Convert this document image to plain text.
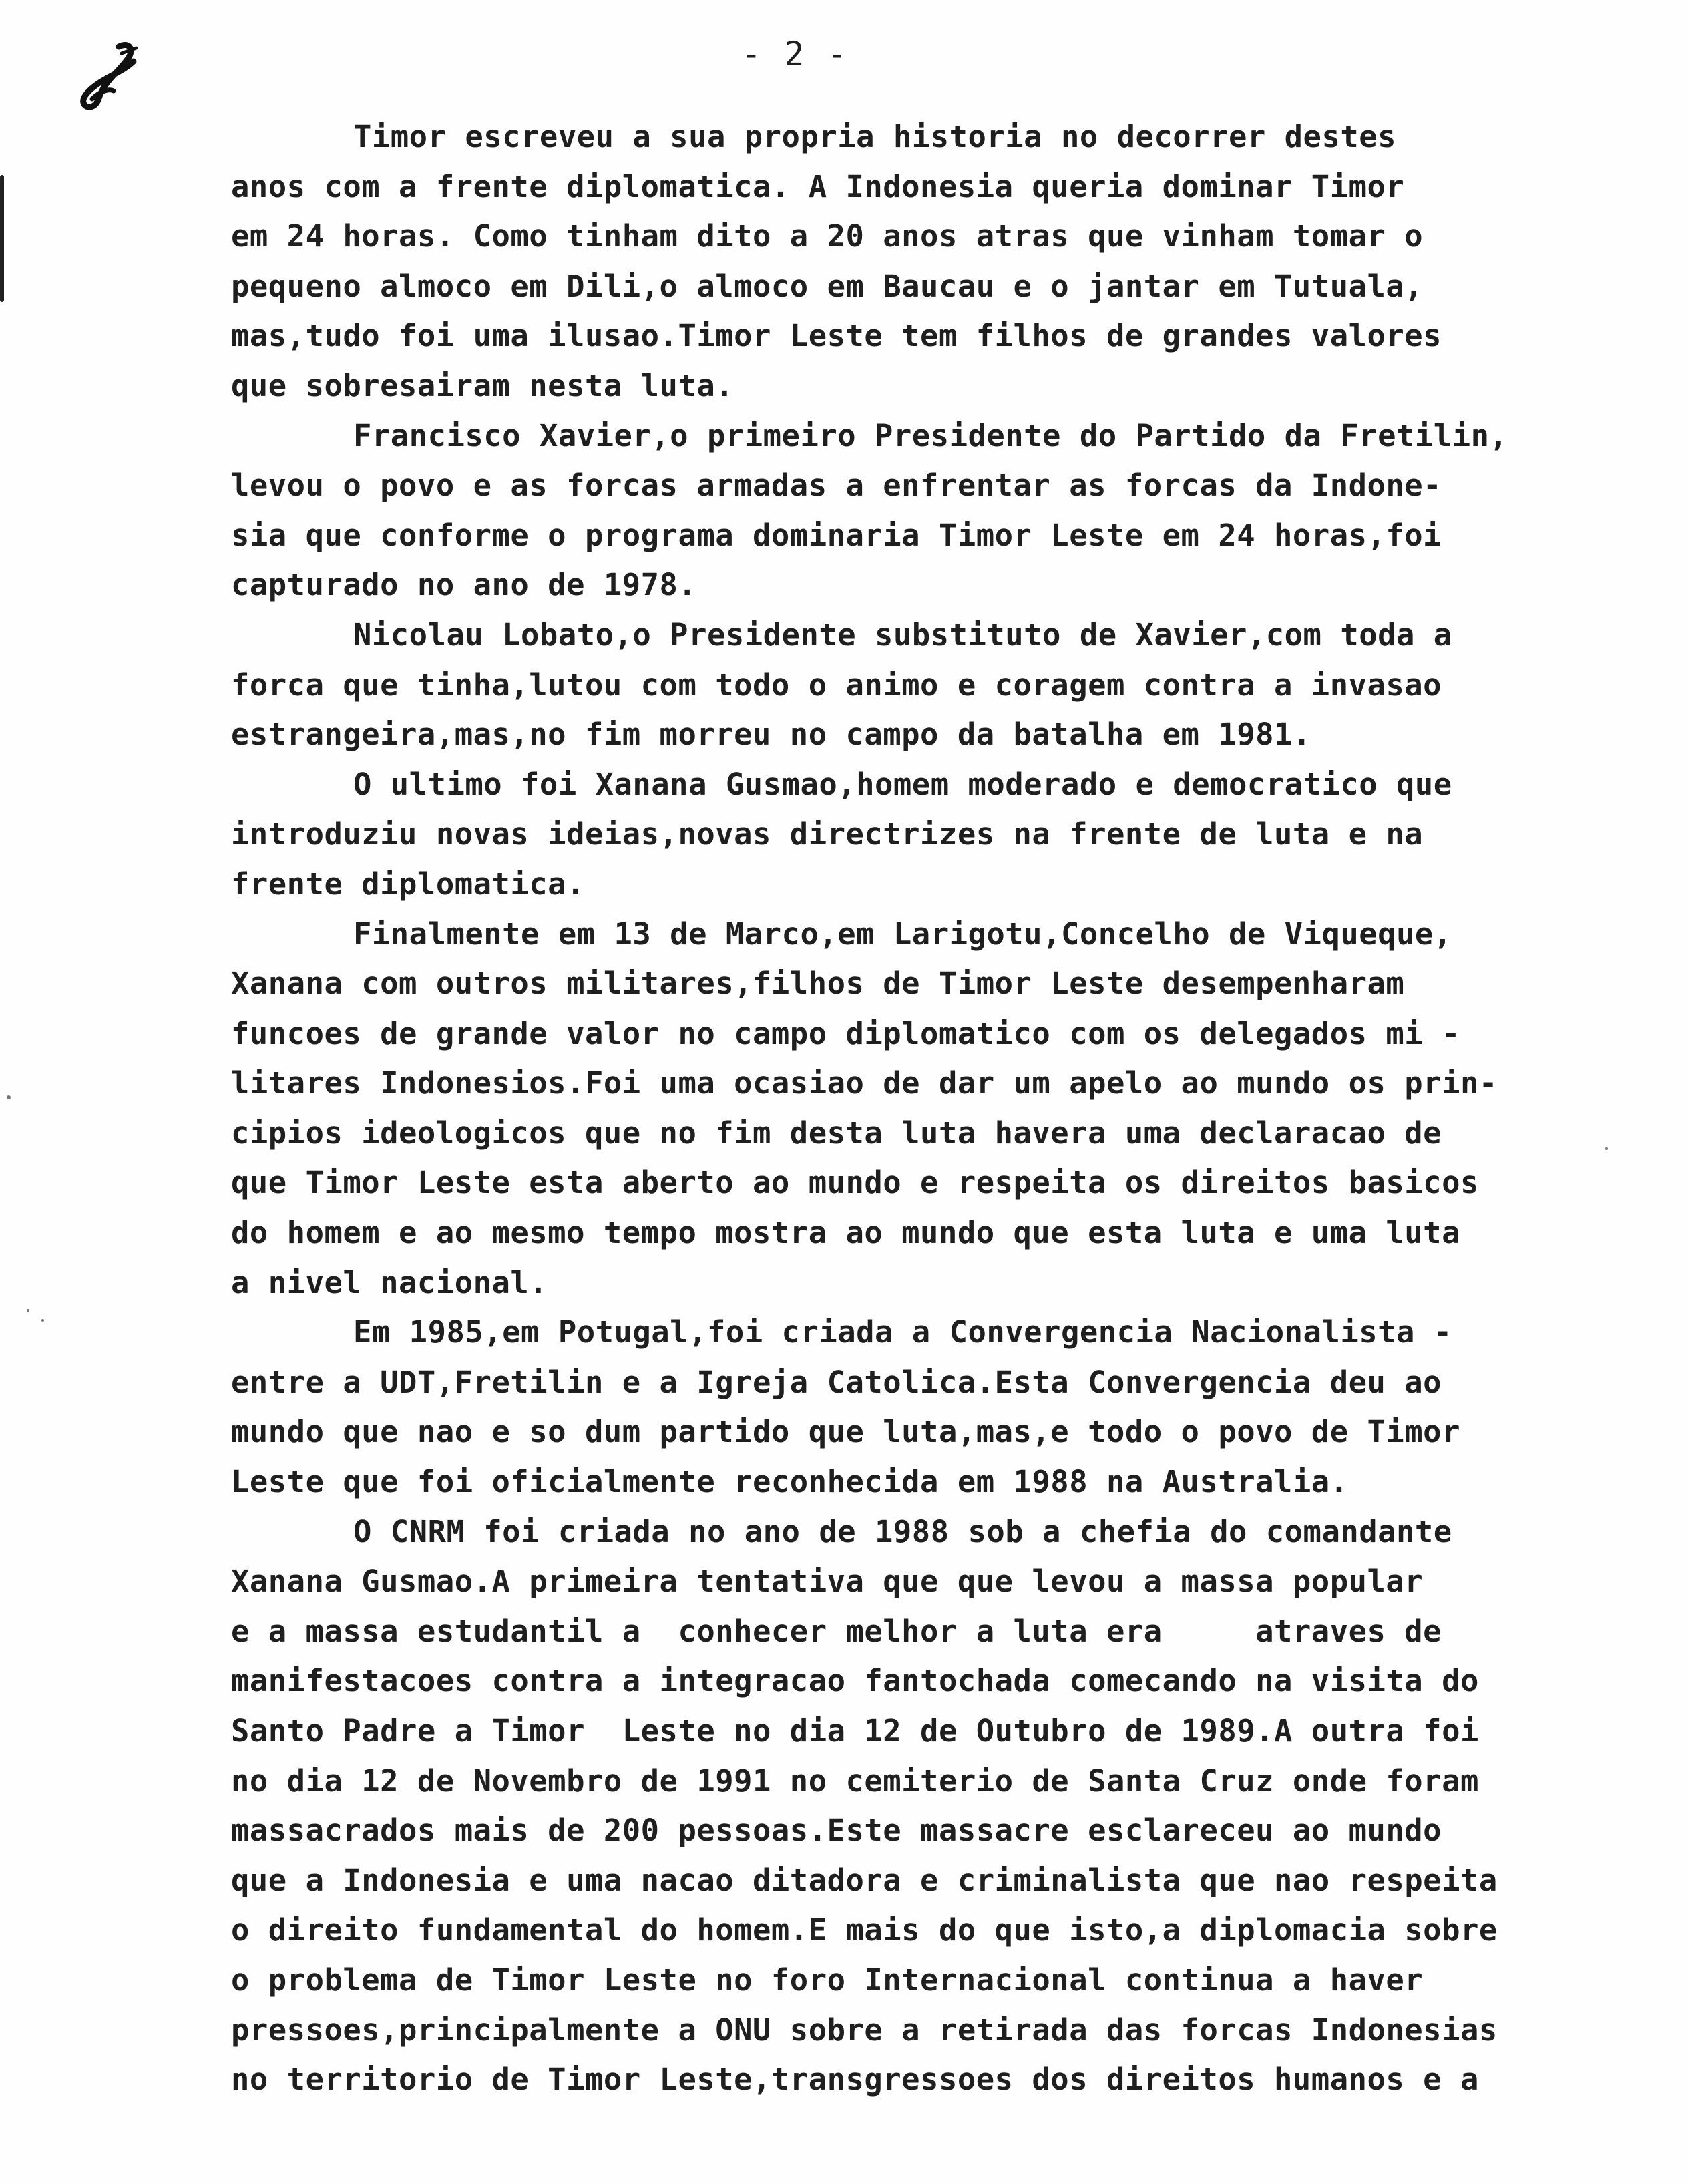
- 2 -
Timor escreveu a sua propria historia no decorrer destes
anos com a frente diplomatica. A Indonesia queria dominar Timor
em 24 horas. Como tinham dito a 20 anos atras que vinham tomar o
pequeno almoco em Dili,o almoco em Baucau e o jantar em Tutuala,
mas,tudo foi uma ilusao.Timor Leste tem filhos de grandes valores
que sobresairam nesta luta.
Francisco Xavier,o primeiro Presidente do Partido da Fretilin,
levou o povo e as forcas armadas a enfrentar as forcas da Indone-
sia que conforme o programa dominaria Timor Leste em 24 horas,foi
capturado no ano de 1978.
Nicolau Lobato,o Presidente substituto de Xavier,com toda a
forca que tinha,lutou com todo o animo e coragem contra a invasao
estrangeira,mas,no fim morreu no campo da batalha em 1981.
O ultimo foi Xanana Gusmao,homem moderado e democratico que
introduziu novas ideias,novas directrizes na frente de luta e na
frente diplomatica.
Finalmente em 13 de Marco,em Larigotu,Concelho de Viqueque,
Xanana com outros militares,filhos de Timor Leste desempenharam
funcoes de grande valor no campo diplomatico com os delegados mi -
litares Indonesios.Foi uma ocasiao de dar um apelo ao mundo os prin-
cipios ideologicos que no fim desta luta havera uma declaracao de
que Timor Leste esta aberto ao mundo e respeita os direitos basicos
do homem e ao mesmo tempo mostra ao mundo que esta luta e uma luta
a nivel nacional.
Em 1985,em Potugal,foi criada a Convergencia Nacionalista -
entre a UDT,Fretilin e a Igreja Catolica.Esta Convergencia deu ao
mundo que nao e so dum partido que luta,mas,e todo o povo de Timor
Leste que foi oficialmente reconhecida em 1988 na Australia.
O CNRM foi criada no ano de 1988 sob a chefia do comandante
Xanana Gusmao.A primeira tentativa que que levou a massa popular
e a massa estudantil a  conhecer melhor a luta era     atraves de
manifestacoes contra a integracao fantochada comecando na visita do
Santo Padre a Timor  Leste no dia 12 de Outubro de 1989.A outra foi
no dia 12 de Novembro de 1991 no cemiterio de Santa Cruz onde foram
massacrados mais de 200 pessoas.Este massacre esclareceu ao mundo
que a Indonesia e uma nacao ditadora e criminalista que nao respeita
o direito fundamental do homem.E mais do que isto,a diplomacia sobre
o problema de Timor Leste no foro Internacional continua a haver
pressoes,principalmente a ONU sobre a retirada das forcas Indonesias
no territorio de Timor Leste,transgressoes dos direitos humanos e a
